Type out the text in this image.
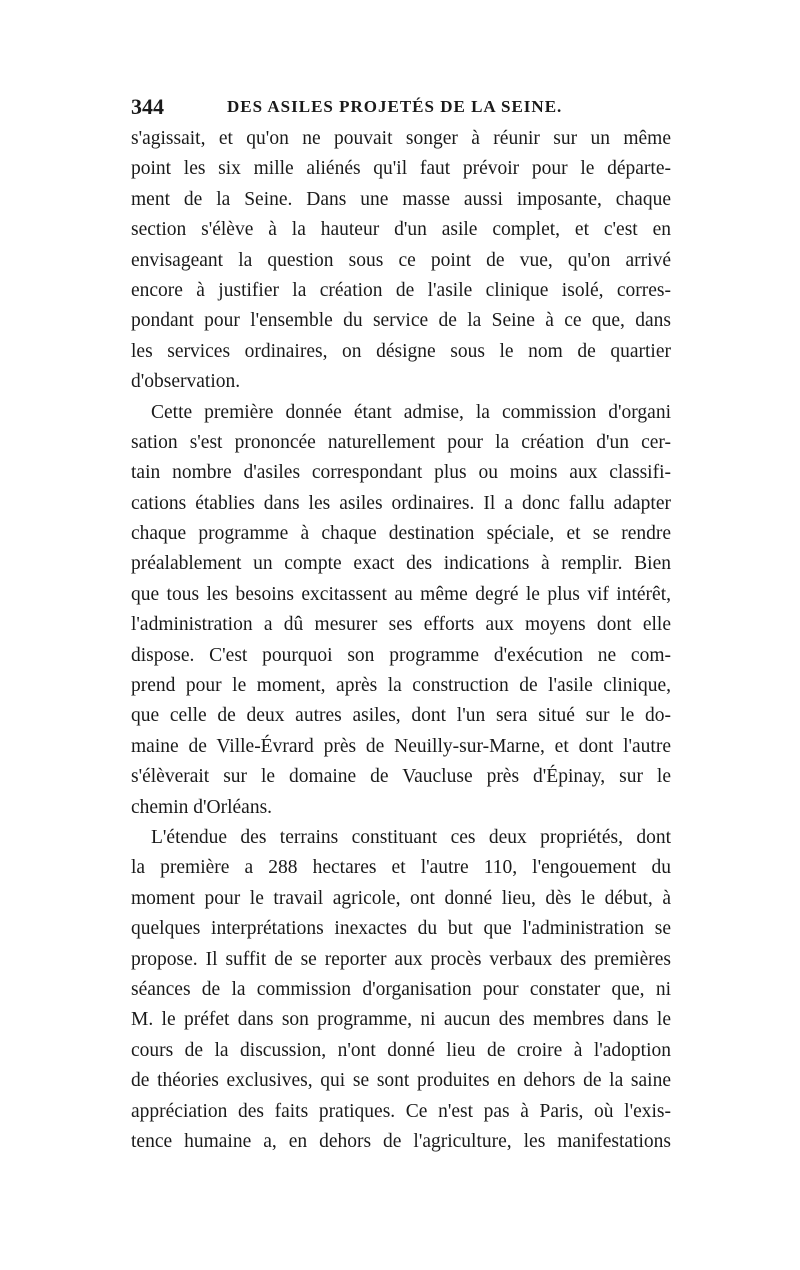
344	DES ASILES PROJETÉS DE LA SEINE.
s'agissait, et qu'on ne pouvait songer à réunir sur un même
point les six mille aliénés qu'il faut prévoir pour le départe-
ment de la Seine. Dans une masse aussi imposante, chaque
section s'élève à la hauteur d'un asile complet, et c'est en
envisageant la question sous ce point de vue, qu'on arrivé
encore à justifier la création de l'asile clinique isolé, corres-
pondant pour l'ensemble du service de la Seine à ce que, dans
les services ordinaires, on désigne sous le nom de quartier
d'observation.
Cette première donnée étant admise, la commission d'organi
sation s'est prononcée naturellement pour la création d'un cer-
tain nombre d'asiles correspondant plus ou moins aux classifi-
cations établies dans les asiles ordinaires. Il a donc fallu adapter
chaque programme à chaque destination spéciale, et se rendre
préalablement un compte exact des indications à remplir. Bien
que tous les besoins excitassent au même degré le plus vif intérêt,
l'administration a dû mesurer ses efforts aux moyens dont elle
dispose. C'est pourquoi son programme d'exécution ne com-
prend pour le moment, après la construction de l'asile clinique,
que celle de deux autres asiles, dont l'un sera situé sur le do-
maine de Ville-Évrard près de Neuilly-sur-Marne, et dont l'autre
s'élèverait sur le domaine de Vaucluse près d'Épinay, sur le
chemin d'Orléans.
L'étendue des terrains constituant ces deux propriétés, dont
la première a 288 hectares et l'autre 110, l'engouement du
moment pour le travail agricole, ont donné lieu, dès le début, à
quelques interprétations inexactes du but que l'administration se
propose. Il suffit de se reporter aux procès verbaux des premières
séances de la commission d'organisation pour constater que, ni
M. le préfet dans son programme, ni aucun des membres dans le
cours de la discussion, n'ont donné lieu de croire à l'adoption
de théories exclusives, qui se sont produites en dehors de la saine
appréciation des faits pratiques. Ce n'est pas à Paris, où l'exis-
tence humaine a, en dehors de l'agriculture, les manifestations
